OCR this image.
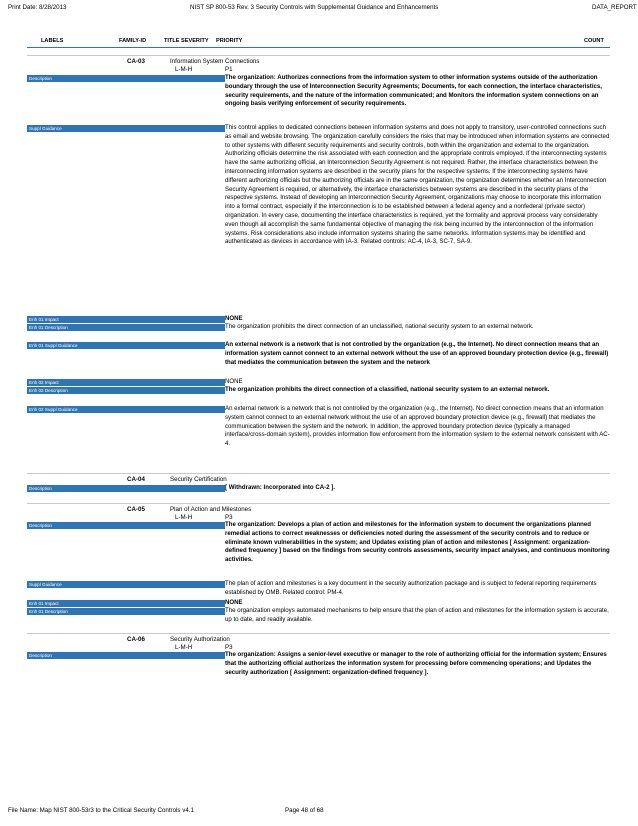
Print Date: 8/28/2013	NIST SP 800-53 Rev. 3 Security Controls with Supplemental Guidance and Enhancements	DATA_REPORT
LABELS	FAMILY-ID	TITLE SEVERITY PRIORITY	COUNT
CA-03	Information System Connections
L-M-H	P1
Description	The organization: Authorizes connections from the information system to other information systems outside of the authorization boundary through the use of Interconnection Security Agreements; Documents, for each connection, the interface characteristics, security requirements, and the nature of the information communicated; and Monitors the information system connections on an ongoing basis verifying enforcement of security requirements.
Suppl Guidance	This control applies to dedicated connections between information systems and does not apply to transitory, user-controlled connections such as email and website browsing. The organization carefully considers the risks that may be introduced when information systems are connected to other systems with different security requirements and security controls, both within the organization and external to the organization. Authorizing officials determine the risk associated with each connection and the appropriate controls employed. If the interconnecting systems have the same authorizing official, an Interconnection Security Agreement is not required. Rather, the interface characteristics between the interconnecting information systems are described in the security plans for the respective systems. If the interconnecting systems have different authorizing officials but the authorizing officials are in the same organization, the organization determines whether an Interconnection Security Agreement is required, or alternatively, the interface characteristics between systems are described in the security plans of the respective systems. Instead of developing an Interconnection Security Agreement, organizations may choose to incorporate this information into a formal contract, especially if the interconnection is to be established between a federal agency and a nonfederal (private sector) organization. In every case, documenting the interface characteristics is required, yet the formality and approval process vary considerably even though all accomplish the same fundamental objective of managing the risk being incurred by the interconnection of the information systems. Risk considerations also include information systems sharing the same networks. Information systems may be identified and authenticated as devices in accordance with IA-3. Related controls: AC-4, IA-3, SC-7, SA-9.
Enh 01 Impact	NONE
Enh 01 Description	The organization prohibits the direct connection of an unclassified, national security system to an external network.
Enh 01 Suppl Guidance	An external network is a network that is not controlled by the organization (e.g., the Internet). No direct connection means that an information system cannot connect to an external network without the use of an approved boundary protection device (e.g., firewall) that mediates the communication between the system and the network
Enh 02 Impact	NONE
Enh 02 Description	The organization prohibits the direct connection of a classified, national security system to an external network.
Enh 02 Suppl Guidance	An external network is a network that is not controlled by the organization (e.g., the Internet). No direct connection means that an information system cannot connect to an external network without the use of an approved boundary protection device (e.g., firewall) that mediates the communication between the system and the network. In addition, the approved boundary protection device (typically a managed interface/cross-domain system), provides information flow enforcement from the information system to the external network consistent with AC-4.
CA-04	Security Certification
Description	[ Withdrawn: Incorporated into CA-2 ].
CA-05	Plan of Action and Milestones
L-M-H	P3
Description	The organization: Develops a plan of action and milestones for the information system to document the organizations planned remedial actions to correct weaknesses or deficiencies noted during the assessment of the security controls and to reduce or eliminate known vulnerabilities in the system; and Updates existing plan of action and milestones [ Assignment: organization-defined frequency ] based on the findings from security controls assessments, security impact analyses, and continuous monitoring activities.
Suppl Guidance	The plan of action and milestones is a key document in the security authorization package and is subject to federal reporting requirements established by OMB. Related control: PM-4.
Enh 01 Impact	NONE
Enh 01 Description	The organization employs automated mechanisms to help ensure that the plan of action and milestones for the information system is accurate, up to date, and readily available.
CA-06	Security Authorization
L-M-H	P3
Description	The organization: Assigns a senior-level executive or manager to the role of authorizing official for the information system; Ensures that the authorizing official authorizes the information system for processing before commencing operations; and Updates the security authorization [ Assignment: organization-defined frequency ].
File Name: Map NIST 800-53r3 to the Critical Security Controls v4.1	Page 48 of 68
